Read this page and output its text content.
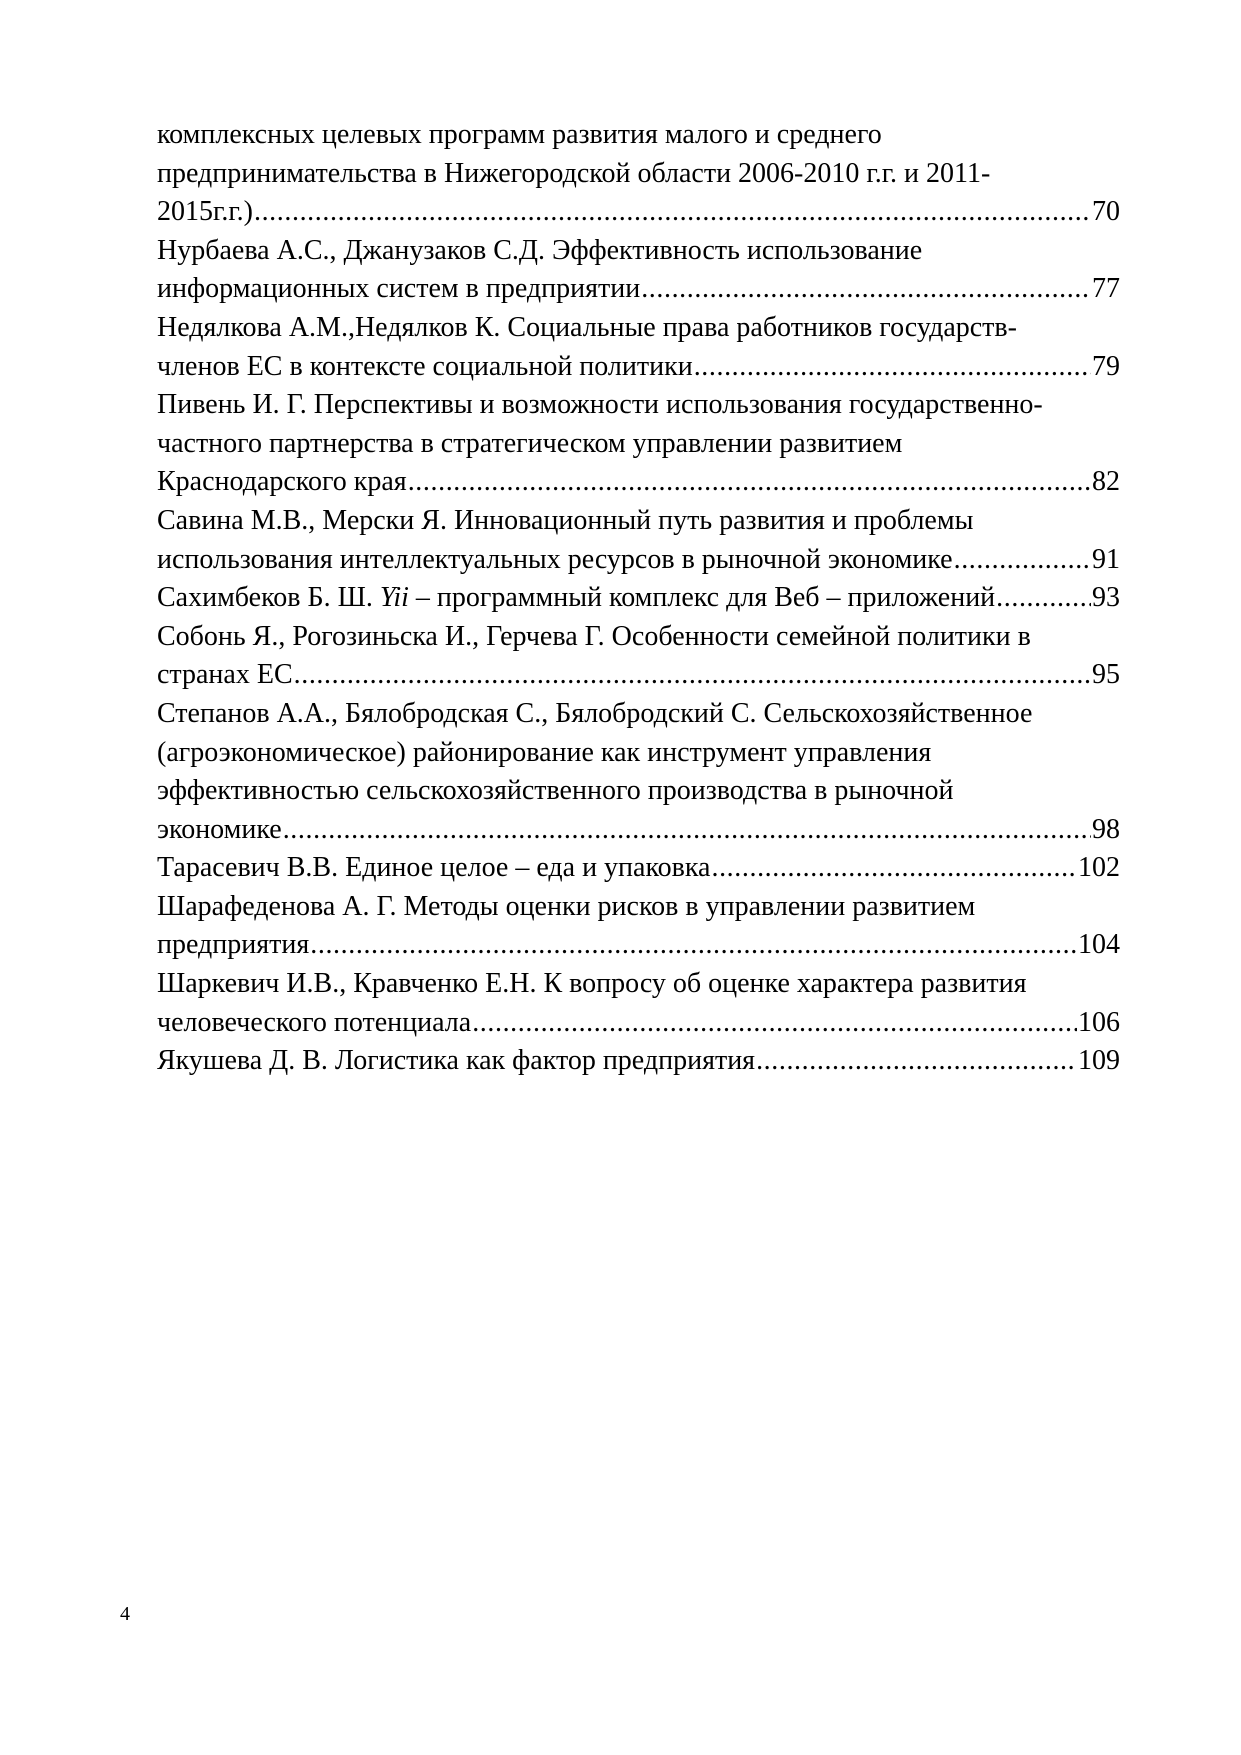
комплексных целевых программ развития малого и среднего
предпринимательства в Нижегородской области 2006-2010 г.г. и 2011-
2015г.г.) .....	70
Нурбаева А.С., Джанузаков С.Д. Эффективность использование
информационных систем в предприятии .....	77
Недялкова А.М.,Недялков К. Социальные права работников государств-
членов ЕС в контексте социальной политики .....	79
Пивень И. Г. Перспективы и возможности использования государственно-
частного партнерства в стратегическом управлении развитием
Краснодарского края .....	82
Савина М.В., Мерски Я. Инновационный путь развития и проблемы
использования интеллектуальных ресурсов в рыночной экономике .....	91
Сахимбеков Б. Ш. Yii – программный комплекс для Веб – приложений .....	93
Собонь Я., Рогозиньска И., Герчева Г. Особенности семейной политики в
странах ЕС .....	95
Степанов А.А., Бялобродская С., Бялобродский С. Сельскохозяйственное
(агроэкономическое) районирование как инструмент управления
эффективностью сельскохозяйственного производства в рыночной
экономике .....	98
Тарасевич В.В. Единое целое – еда и упаковка .....	102
Шарафеденова А. Г. Методы оценки рисков в управлении развитием
предприятия .....	104
Шаркевич И.В., Кравченко Е.Н. К вопросу об оценке характера развития
человеческого потенциала .....	106
Якушева Д. В. Логистика как фактор предприятия .....	109
4
